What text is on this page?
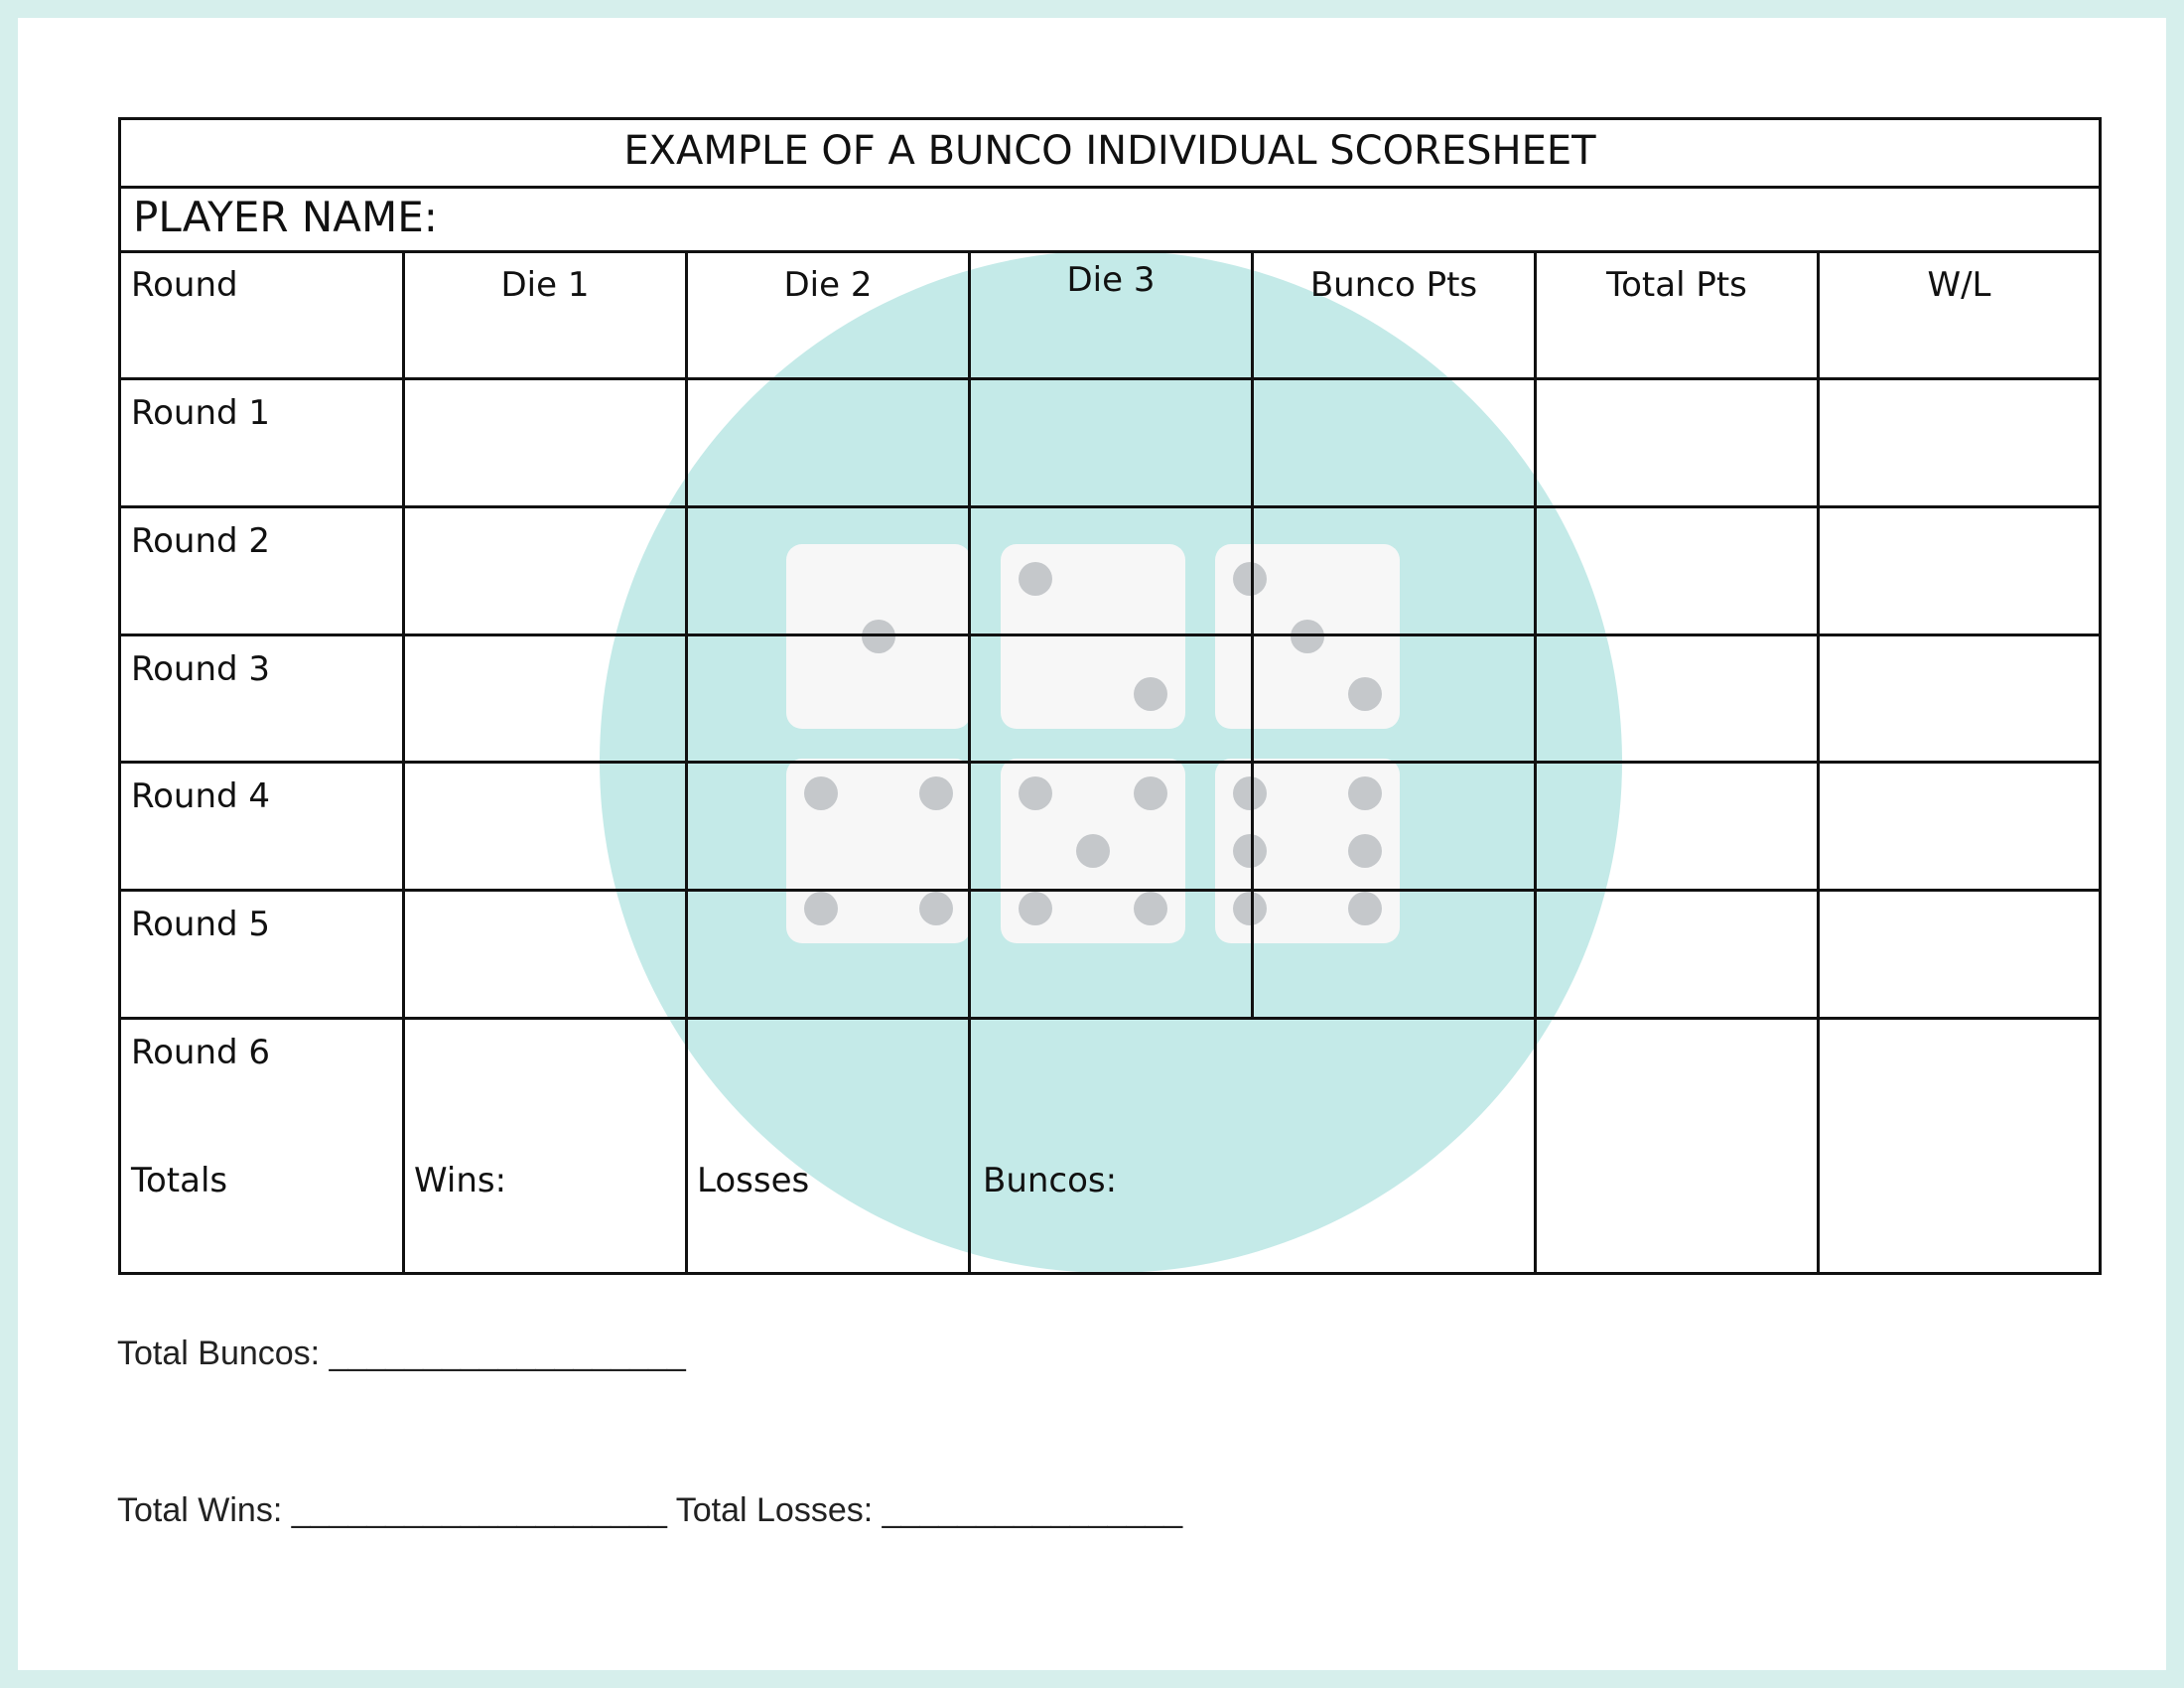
EXAMPLE OF A BUNCO INDIVIDUAL SCORESHEET
PLAYER NAME:
Round	Die 1	Die 2	Die 3	Bunco Pts	Total Pts	W/L
Round 1
Round 2
Round 3
Round 4
Round 5
Round 6
Totals	Wins:	Losses	Buncos:
Total Buncos: ___________________
Total Wins: ____________________ Total Losses: ________________
